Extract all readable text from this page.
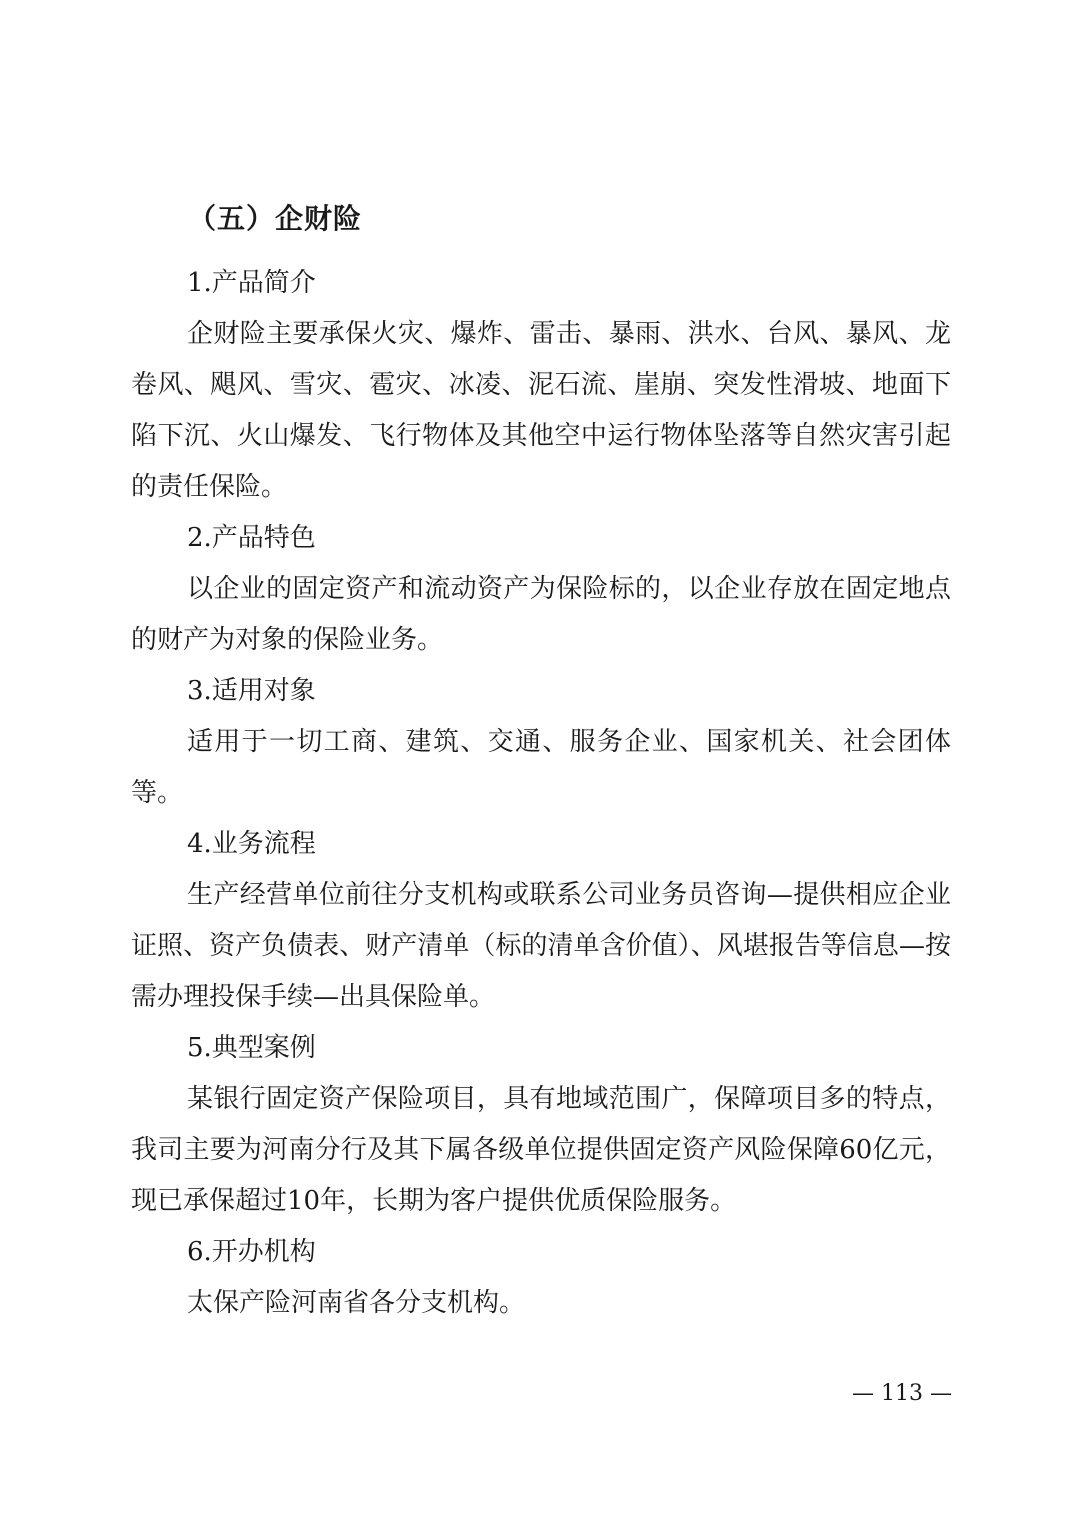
（五）企财险

1.产品简介

企财险主要承保火灾、爆炸、雷击、暴雨、洪水、台风、暴风、龙卷风、飓风、雪灾、雹灾、冰凌、泥石流、崖崩、突发性滑坡、地面下陷下沉、火山爆发、飞行物体及其他空中运行物体坠落等自然灾害引起的责任保险。

2.产品特色

以企业的固定资产和流动资产为保险标的，以企业存放在固定地点的财产为对象的保险业务。

3.适用对象

适用于一切工商、建筑、交通、服务企业、国家机关、社会团体等。

4.业务流程

生产经营单位前往分支机构或联系公司业务员咨询—提供相应企业证照、资产负债表、财产清单（标的清单含价值）、风堪报告等信息—按需办理投保手续—出具保险单。

5.典型案例

某银行固定资产保险项目，具有地域范围广，保障项目多的特点，我司主要为河南分行及其下属各级单位提供固定资产风险保障60亿元，现已承保超过10年，长期为客户提供优质保险服务。

6.开办机构

太保产险河南省各分支机构。

— 113 —
